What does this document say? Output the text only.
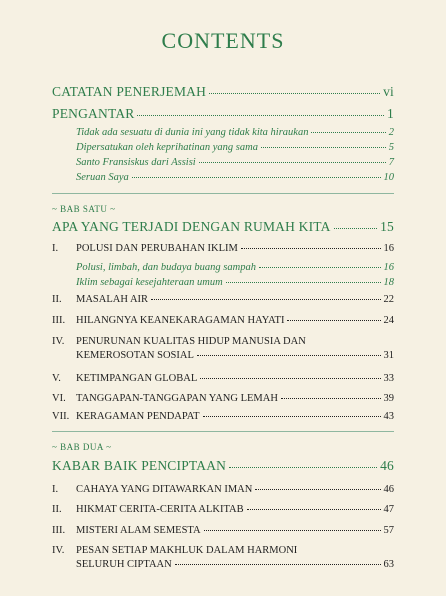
CONTENTS
CATATAN PENERJEMAH	vi
PENGANTAR	1
Tidak ada sesuatu di dunia ini yang tidak kita hiraukan	2
Dipersatukan oleh keprihatinan yang sama	5
Santo Fransiskus dari Assisi	7
Seruan Saya	10
~ BAB SATU ~
APA YANG TERJADI DENGAN RUMAH KITA	15
I. POLUSI DAN PERUBAHAN IKLIM	16
Polusi, limbah, dan budaya buang sampah	16
Iklim sebagai kesejahteraan umum	18
II. MASALAH AIR	22
III. HILANGNYA KEANEKARAGAMAN HAYATI	24
IV. PENURUNAN KUALITAS HIDUP MANUSIA DAN
KEMEROSOTAN SOSIAL	31
V. KETIMPANGAN GLOBAL	33
VI. TANGGAPAN-TANGGAPAN YANG LEMAH	39
VII. KERAGAMAN PENDAPAT	43
~ BAB DUA ~
KABAR BAIK PENCIPTAAN	46
I. CAHAYA YANG DITAWARKAN IMAN	46
II. HIKMAT CERITA-CERITA ALKITAB	47
III. MISTERI ALAM SEMESTA	57
IV. PESAN SETIAP MAKHLUK DALAM HARMONI
SELURUH CIPTAAN	63
